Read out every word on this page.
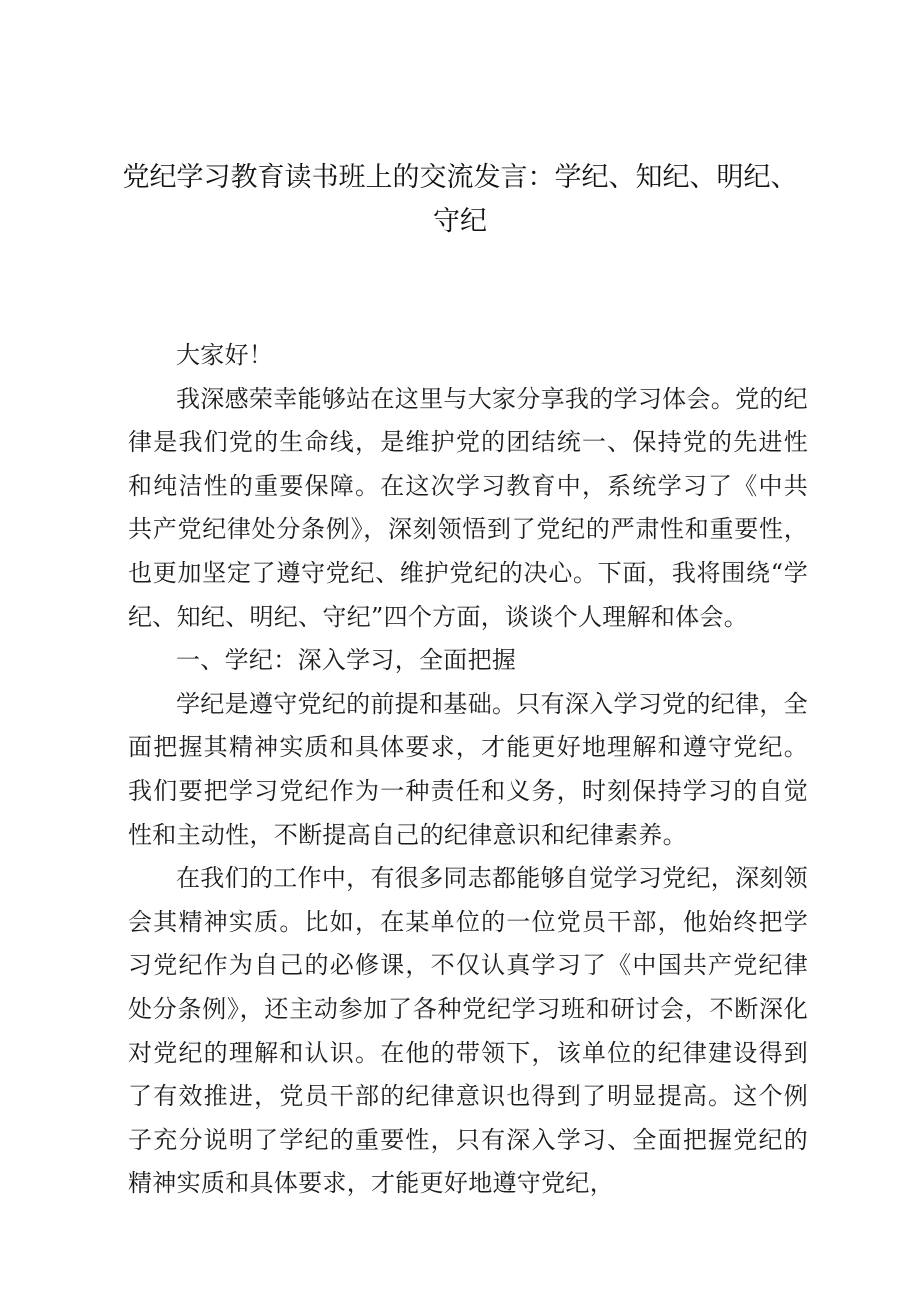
党纪学习教育读书班上的交流发言：学纪、知纪、明纪、
守纪

大家好！

我深感荣幸能够站在这里与大家分享我的学习体会。党的纪律是我们党的生命线，是维护党的团结统一、保持党的先进性和纯洁性的重要保障。在这次学习教育中，系统学习了《中共共产党纪律处分条例》，深刻领悟到了党纪的严肃性和重要性，也更加坚定了遵守党纪、维护党纪的决心。下面，我将围绕“学纪、知纪、明纪、守纪”四个方面，谈谈个人理解和体会。

一、学纪：深入学习，全面把握

学纪是遵守党纪的前提和基础。只有深入学习党的纪律，全面把握其精神实质和具体要求，才能更好地理解和遵守党纪。我们要把学习党纪作为一种责任和义务，时刻保持学习的自觉性和主动性，不断提高自己的纪律意识和纪律素养。

在我们的工作中，有很多同志都能够自觉学习党纪，深刻领会其精神实质。比如，在某单位的一位党员干部，他始终把学习党纪作为自己的必修课，不仅认真学习了《中国共产党纪律处分条例》，还主动参加了各种党纪学习班和研讨会，不断深化对党纪的理解和认识。在他的带领下，该单位的纪律建设得到了有效推进，党员干部的纪律意识也得到了明显提高。这个例子充分说明了学纪的重要性，只有深入学习、全面把握党纪的精神实质和具体要求，才能更好地遵守党纪，
